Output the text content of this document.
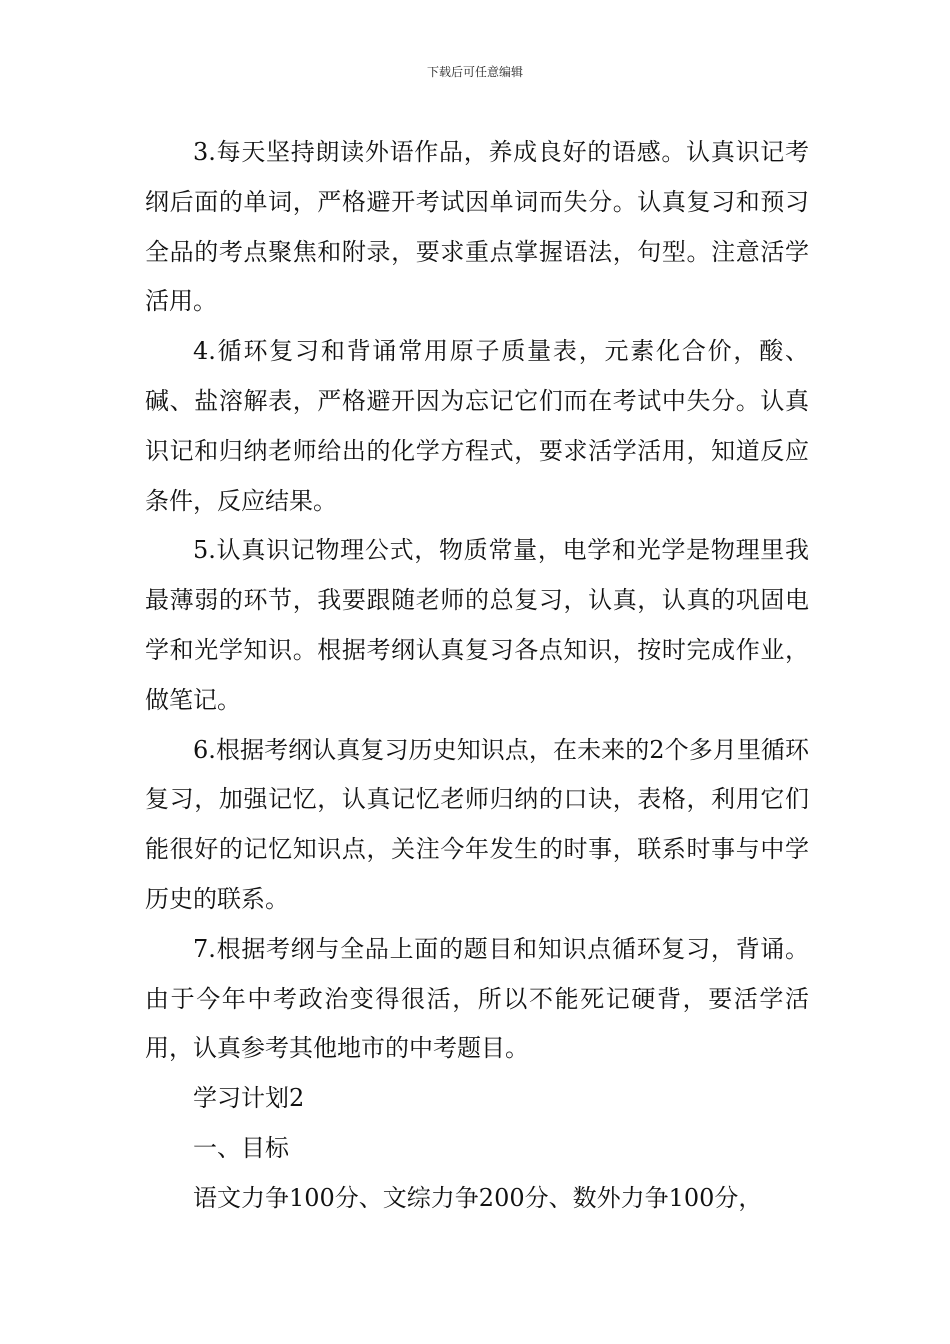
下载后可任意编辑

3.每天坚持朗读外语作品，养成良好的语感。认真识记考纲后面的单词，严格避开考试因单词而失分。认真复习和预习全品的考点聚焦和附录，要求重点掌握语法，句型。注意活学活用。

4.循环复习和背诵常用原子质量表，元素化合价，酸、碱、盐溶解表，严格避开因为忘记它们而在考试中失分。认真识记和归纳老师给出的化学方程式，要求活学活用，知道反应条件，反应结果。

5.认真识记物理公式，物质常量，电学和光学是物理里我最薄弱的环节，我要跟随老师的总复习，认真，认真的巩固电学和光学知识。根据考纲认真复习各点知识，按时完成作业，做笔记。

6.根据考纲认真复习历史知识点，在未来的2个多月里循环复习，加强记忆，认真记忆老师归纳的口诀，表格，利用它们能很好的记忆知识点，关注今年发生的时事，联系时事与中学历史的联系。

7.根据考纲与全品上面的题目和知识点循环复习，背诵。由于今年中考政治变得很活，所以不能死记硬背，要活学活用，认真参考其他地市的中考题目。

学习计划2

一、目标

语文力争100分、文综力争200分、数外力争100分，
